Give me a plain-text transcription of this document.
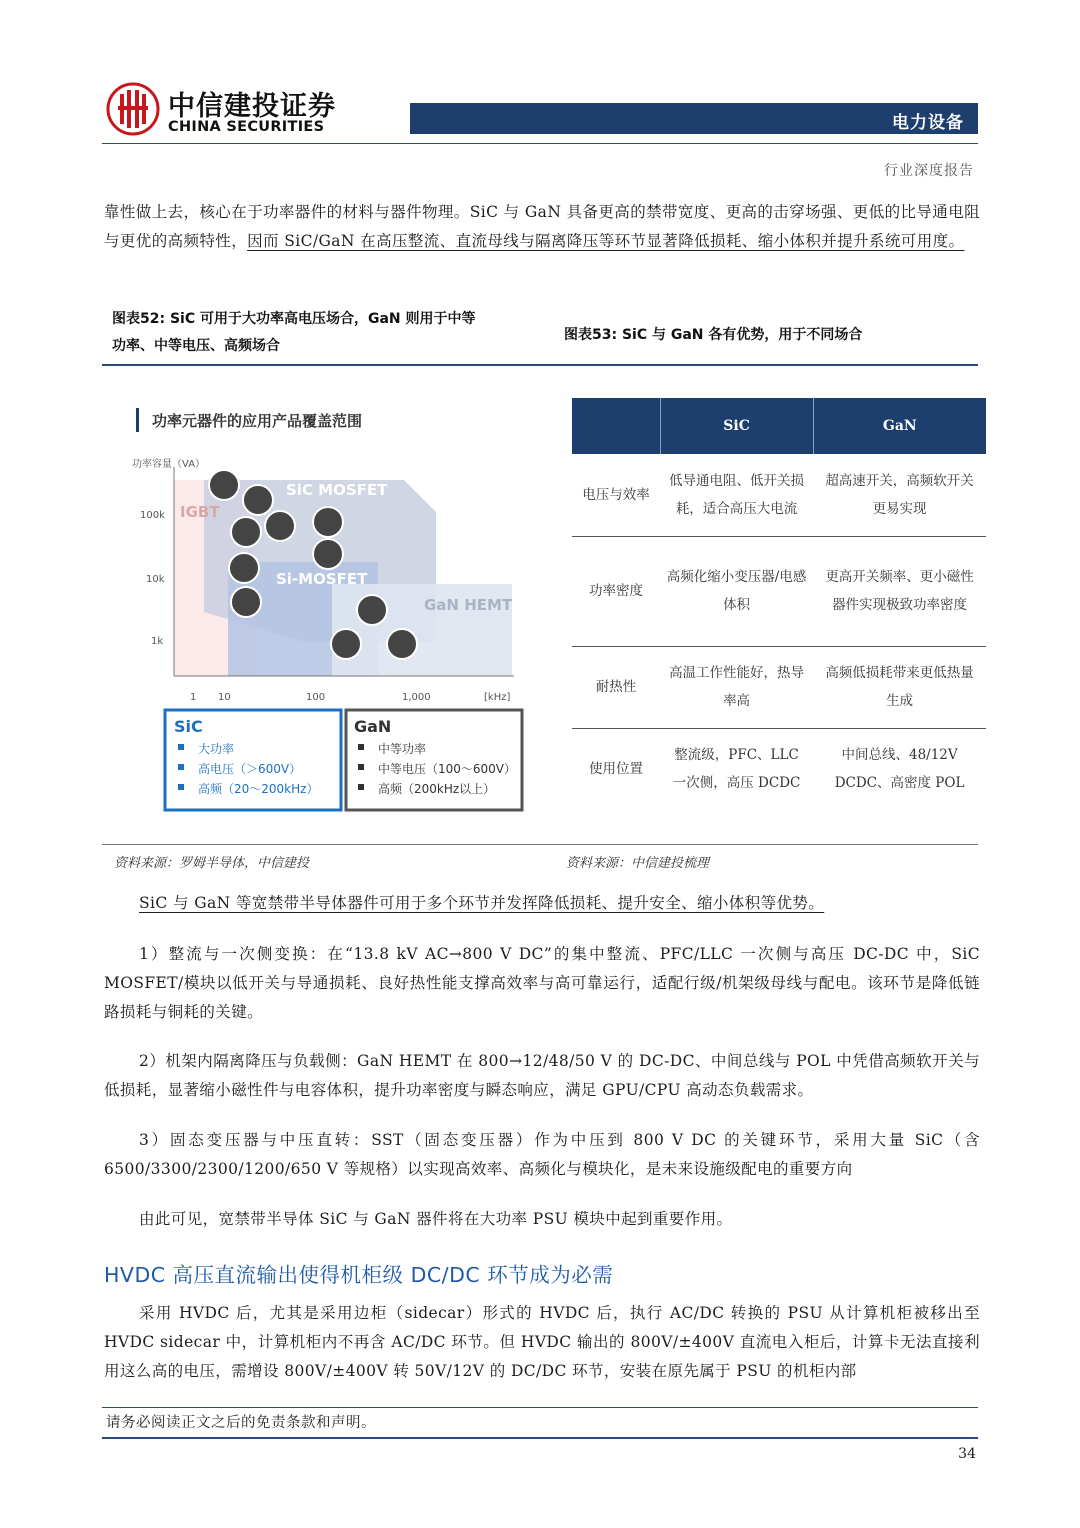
中信建投证券
CHINA SECURITIES	电力设备
行业深度报告
靠性做上去，核心在于功率器件的材料与器件物理。SiC 与 GaN 具备更高的禁带宽度、更高的击穿场强、更低的比导通电阻与更优的高频特性，因而 SiC/GaN 在高压整流、直流母线与隔离降压等环节显著降低损耗、缩小体积并提升系统可用度。
图表52: SiC 可用于大功率高电压场合，GaN 则用于中等
功率、中等电压、高频场合
图表53: SiC 与 GaN 各有优势，用于不同场合
功率元器件的应用产品覆盖范围
功率容量（VA）
IGBT
SiC MOSFET
Si-MOSFET
GaN HEMT
100k
10k
1k
1 10	100	1,000	[kHz]
SiC
大功率
高电压（＞600V）
高频（20～200kHz）
GaN
中等功率
中等电压（100～600V）
高频（200kHz以上）
	SiC	GaN
电压与效率	低导通电阻、低开关损耗，适合高压大电流	超高速开关，高频软开关更易实现
功率密度	高频化缩小变压器/电感体积	更高开关频率、更小磁性器件实现极致功率密度
耐热性	高温工作性能好，热导率高	高频低损耗带来更低热量生成
使用位置	整流级，PFC、LLC 一次侧，高压 DCDC	中间总线、48/12V DCDC、高密度 POL
资料来源：罗姆半导体，中信建投	资料来源：中信建投梳理
SiC 与 GaN 等宽禁带半导体器件可用于多个环节并发挥降低损耗、提升安全、缩小体积等优势。
1）整流与一次侧变换：在“13.8 kV AC→800 V DC”的集中整流、PFC/LLC 一次侧与高压 DC-DC 中，SiC MOSFET/模块以低开关与导通损耗、良好热性能支撑高效率与高可靠运行，适配行级/机架级母线与配电。该环节是降低链路损耗与铜耗的关键。
2）机架内隔离降压与负载侧：GaN HEMT 在 800→12/48/50 V 的 DC-DC、中间总线与 POL 中凭借高频软开关与低损耗，显著缩小磁性件与电容体积，提升功率密度与瞬态响应，满足 GPU/CPU 高动态负载需求。
3）固态变压器与中压直转：SST（固态变压器）作为中压到 800 V DC 的关键环节，采用大量 SiC（含 6500/3300/2300/1200/650 V 等规格）以实现高效率、高频化与模块化，是未来设施级配电的重要方向
由此可见，宽禁带半导体 SiC 与 GaN 器件将在大功率 PSU 模块中起到重要作用。
HVDC 高压直流输出使得机柜级 DC/DC 环节成为必需
采用 HVDC 后，尤其是采用边柜（sidecar）形式的 HVDC 后，执行 AC/DC 转换的 PSU 从计算机柜被移出至 HVDC sidecar 中，计算机柜内不再含 AC/DC 环节。但 HVDC 输出的 800V/±400V 直流电入柜后，计算卡无法直接利用这么高的电压，需增设 800V/±400V 转 50V/12V 的 DC/DC 环节，安装在原先属于 PSU 的机柜内部
请务必阅读正文之后的免责条款和声明。
34
